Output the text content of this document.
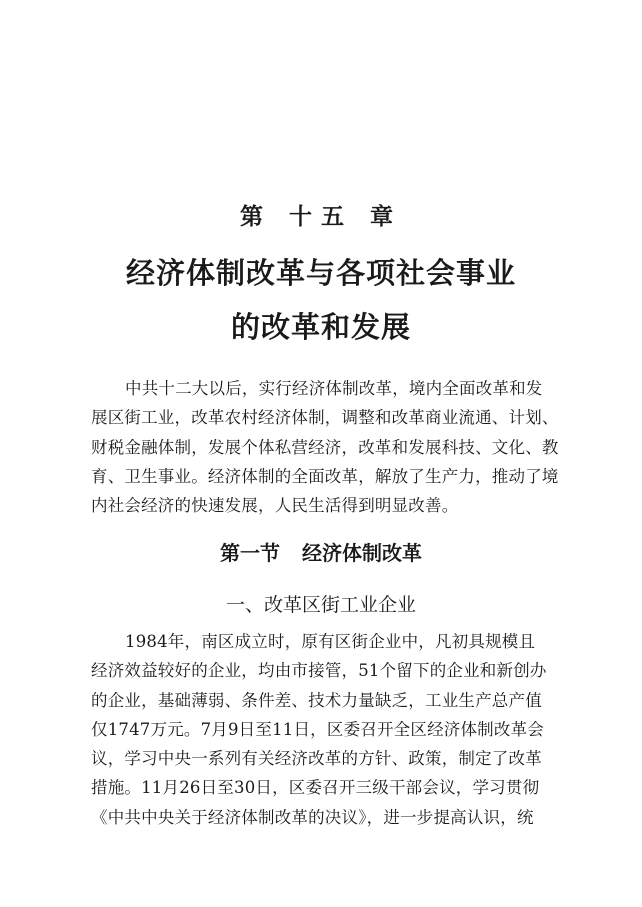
第 十五 章
经济体制改革与各项社会事业
的改革和发展
中共十二大以后，实行经济体制改革，境内全面改革和发
展区街工业，改革农村经济体制，调整和改革商业流通、计划、
财税金融体制，发展个体私营经济，改革和发展科技、文化、教
育、卫生事业。经济体制的全面改革，解放了生产力，推动了境
内社会经济的快速发展，人民生活得到明显改善。
第一节 经济体制改革
一、改革区街工业企业
1984年，南区成立时，原有区街企业中，凡初具规模且
经济效益较好的企业，均由市接管，51个留下的企业和新创办
的企业，基础薄弱、条件差、技术力量缺乏，工业生产总产值
仅1747万元。7月9日至11日，区委召开全区经济体制改革会
议，学习中央一系列有关经济改革的方针、政策，制定了改革
措施。11月26日至30日，区委召开三级干部会议，学习贯彻
《中共中央关于经济体制改革的决议》，进一步提高认识，统
